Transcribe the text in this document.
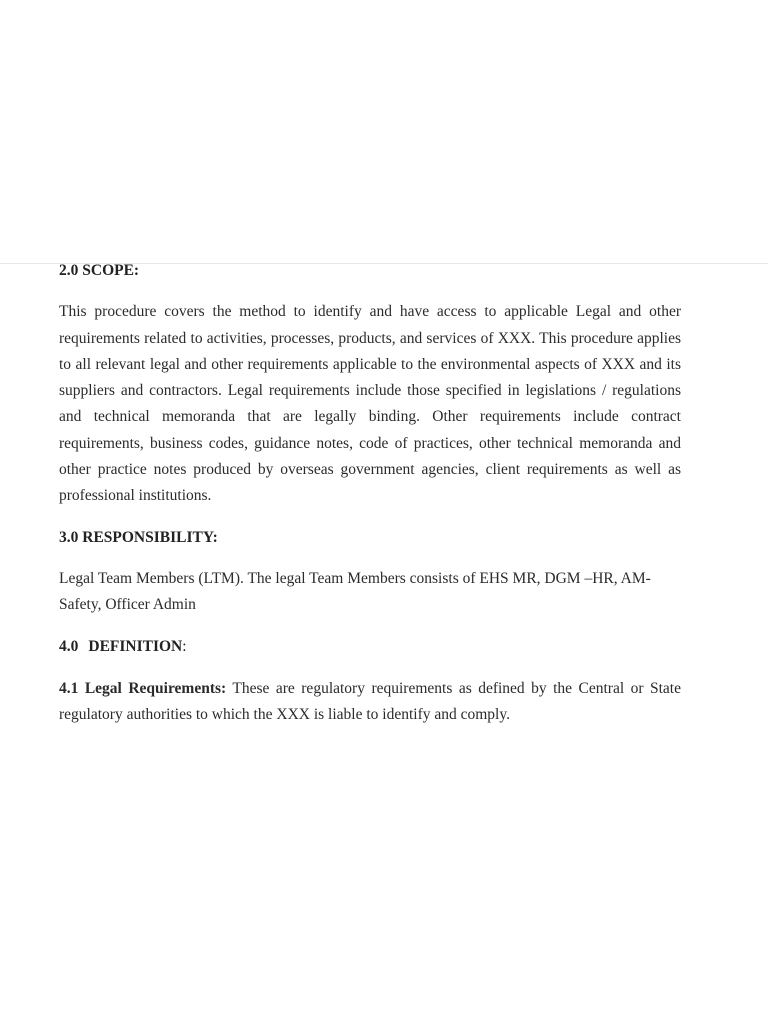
2.0 SCOPE:

This procedure covers the method to identify and have access to applicable Legal and other requirements related to activities, processes, products, and services of XXX. This procedure applies to all relevant legal and other requirements applicable to the environmental aspects of XXX and its suppliers and contractors. Legal requirements include those specified in legislations / regulations and technical memoranda that are legally binding. Other requirements include contract requirements, business codes, guidance notes, code of practices, other technical memoranda and other practice notes produced by overseas government agencies, client requirements as well as professional institutions.

3.0 RESPONSIBILITY:

Legal Team Members (LTM). The legal Team Members consists of EHS MR, DGM –HR, AM-Safety, Officer Admin

4.0 DEFINITION:

4.1 Legal Requirements: These are regulatory requirements as defined by the Central or State regulatory authorities to which the XXX is liable to identify and comply.
